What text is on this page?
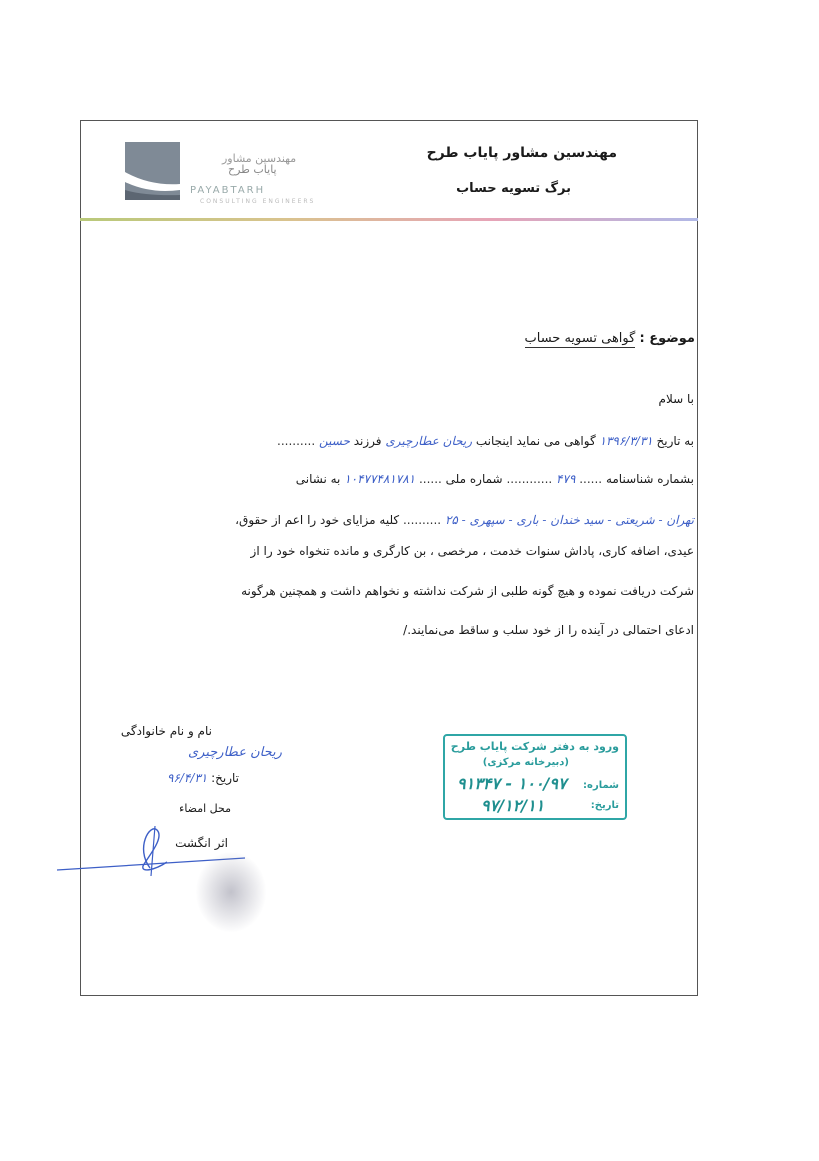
مهندسین مشاور
پایاب طرح
PAYABTARH
CONSULTING ENGINEERS
مهندسین مشاور پایاب طرح
برگ تسویه حساب
موضوع : گواهی تسویه حساب
با سلام
به تاریخ ۱۳۹۶/۳/۳۱ گواهی می نماید اینجانب ریحان عطارچیری فرزند حسین ..........
بشماره شناسنامه ...... ۴۷۹ ............ شماره ملی ...... ۱۰۴۷۷۴۸۱۷۸۱ به نشانی
تهران - شریعتی - سید خندان - باری - سپهری - ۲۵ .......... کلیه مزایای خود را اعم از حقوق،
عیدی، اضافه کاری، پاداش سنوات خدمت ، مرخصی ، بن کارگری و مانده تنخواه خود را از
شرکت دریافت نموده و هیچ گونه طلبی از شرکت نداشته و نخواهم داشت و همچنین هرگونه
ادعای احتمالی در آینده را از خود سلب و ساقط می‌نمایند./
نام و نام خانوادگی
ریحان عطارچیری
تاریخ: ۹۶/۴/۳۱
محل امضاء
اثر انگشت
ورود به دفتر شرکت پایاب طرح
(دبیرخانه مرکزی)
شماره:
۱۰۰/۹۷ - ۹۱۳۴۷
تاریخ:
۹۷/۱۲/۱۱
